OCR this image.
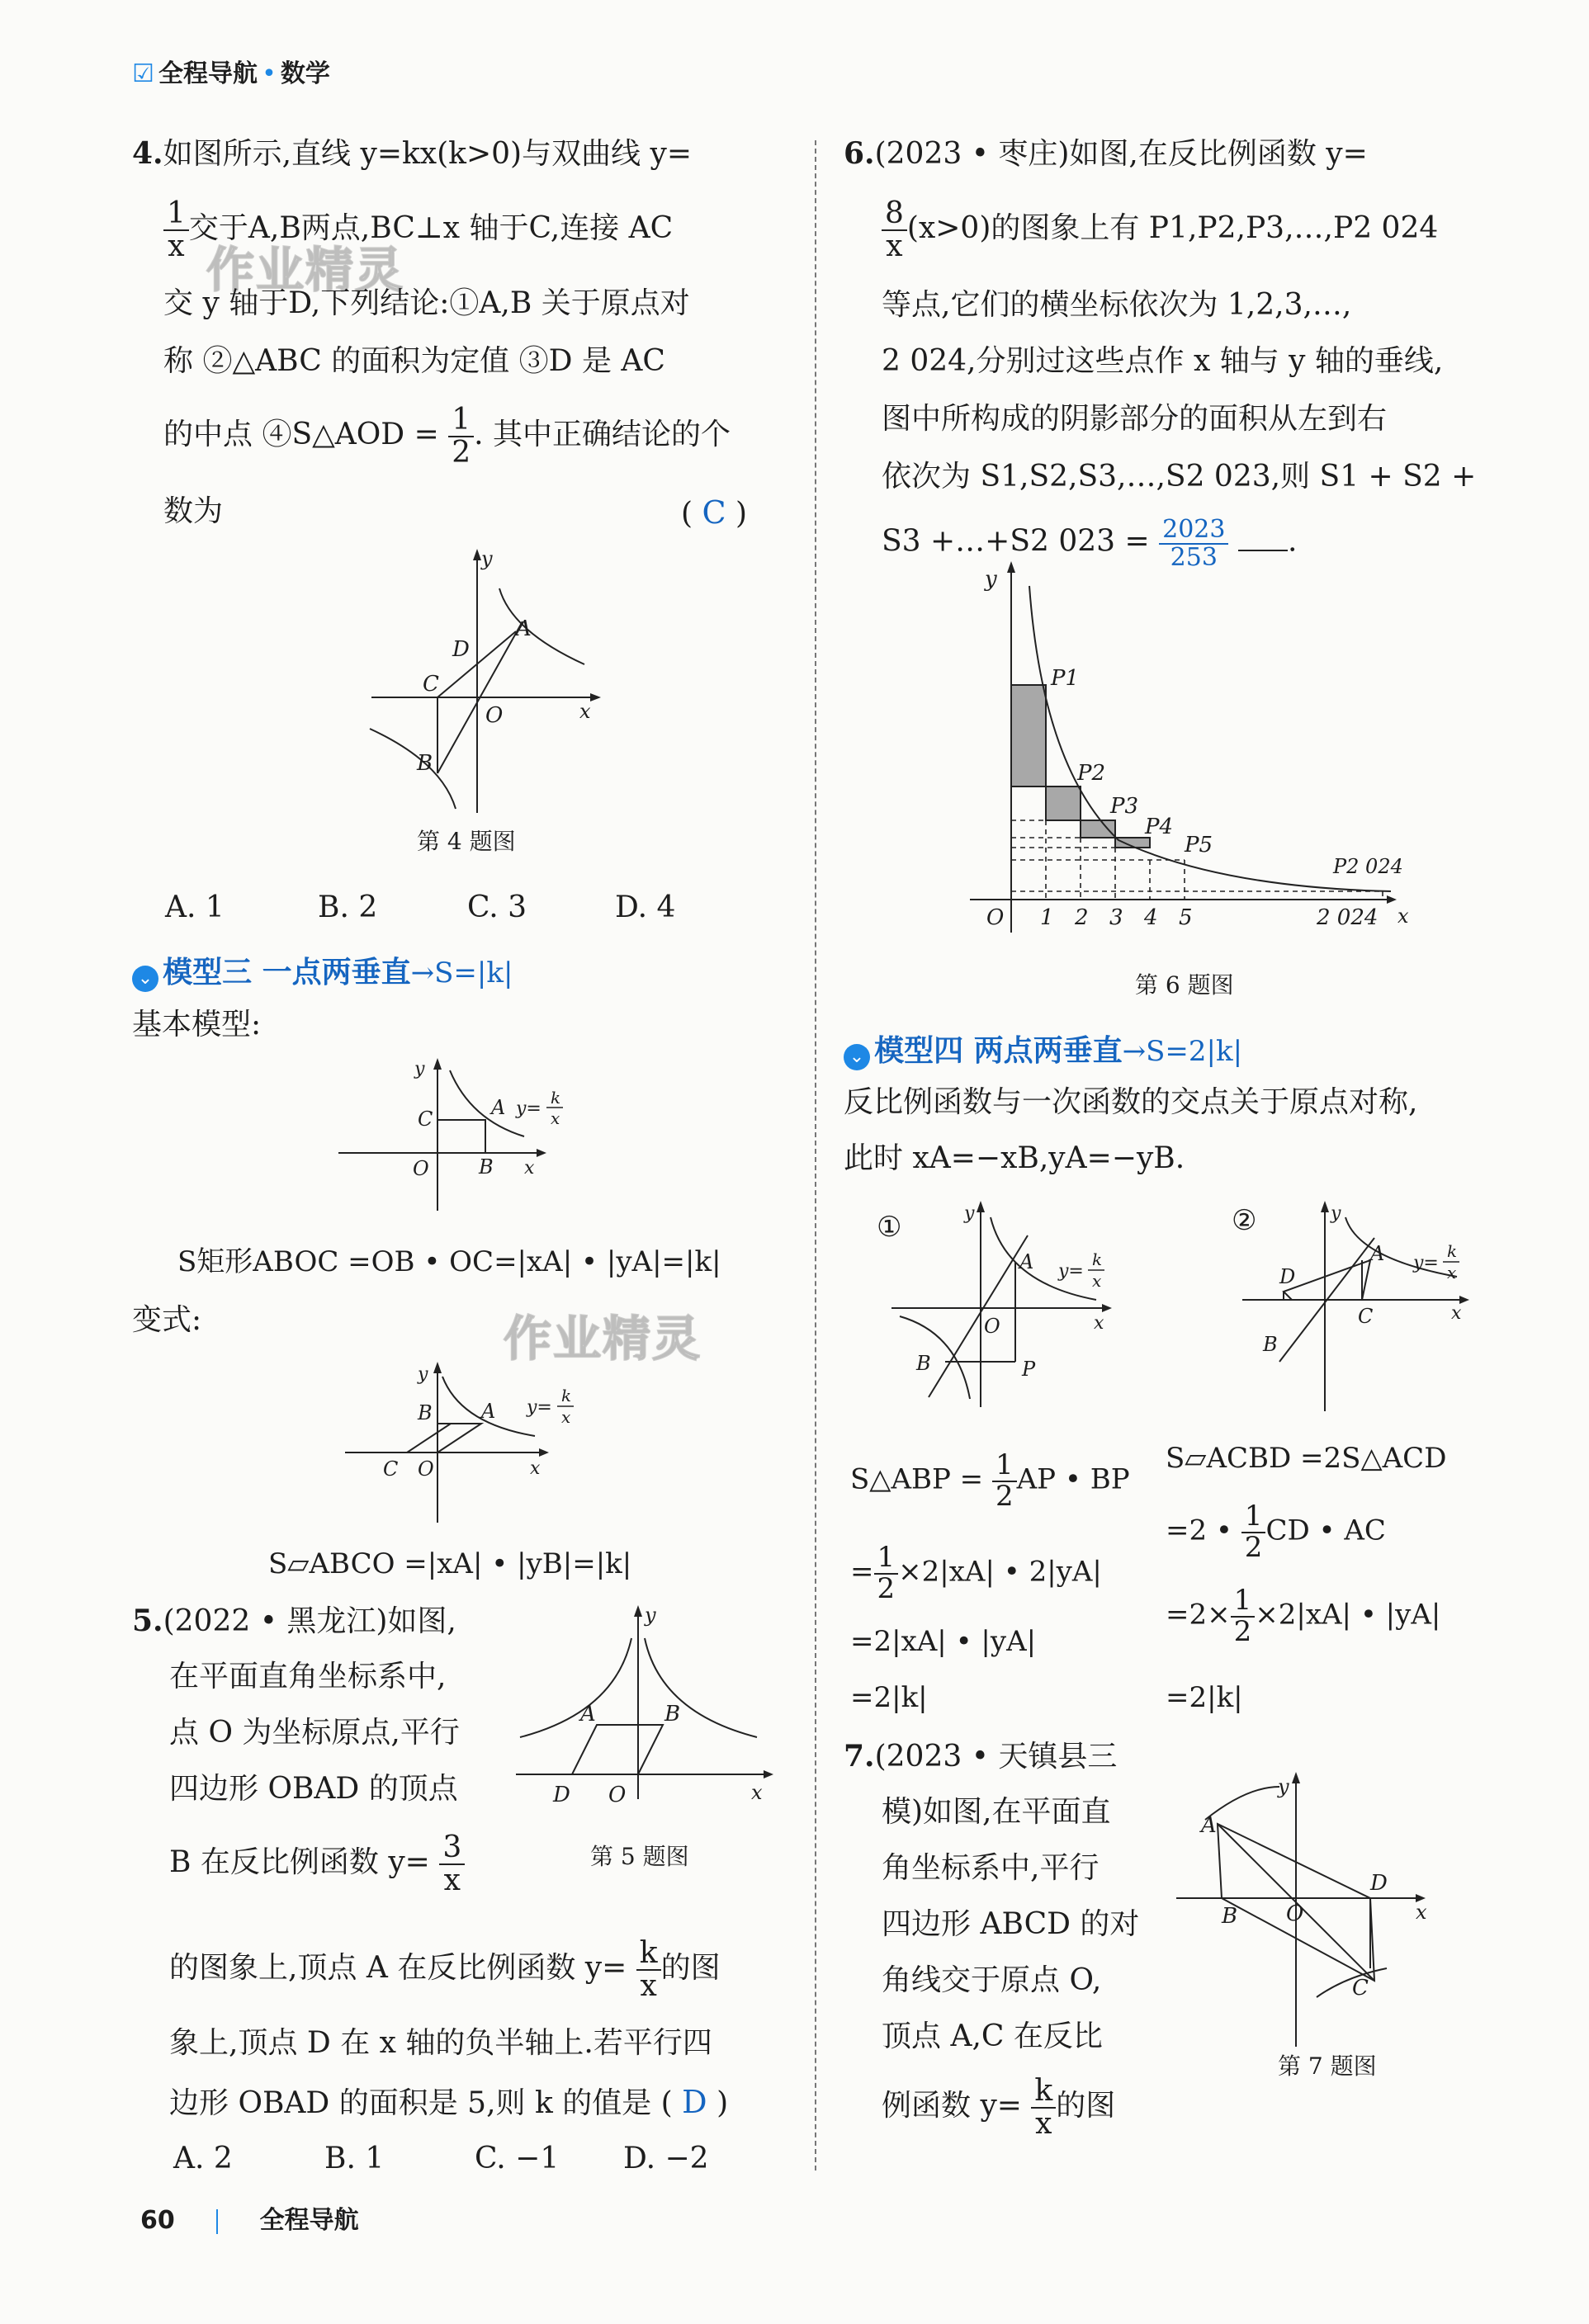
☑ 全程导航 • 数学
作业精灵
作业精灵
4.如图所示,直线 y=kx(k>0)与双曲线 y=
$\frac{1}{x}$ 交于A,B两点,BC⊥x 轴于C,连接 AC
交 y 轴于D,下列结论:①A,B 关于原点对
称 ②△ABC 的面积为定值 ③D 是 AC
的中点 ④S△AOD = $\frac{1}{2}$ . 其中正确结论的个
数为	( C )
y
x
O
A
B
C
D
第 4 题图
A. 1	B. 2	C. 3	D. 4
⌄ 模型三 一点两垂直→S=|k|
基本模型:
y
C	A y=
k
x
O	B x
S矩形ABOC =OB • OC=|xA| • |yA|=|k|
变式:
y
B A y=
k
x
C O	x
S▱ABCO =|xA| • |yB|=|k|
5.(2022 • 黑龙江)如图,
在平面直角坐标系中,
点 O 为坐标原点,平行
四边形 OBAD 的顶点
B 在反比例函数 $y= \frac{3}{x}$
y
A	B
D O	x
第 5 题图
的图象上,顶点 A 在反比例函数 $y= \frac{k}{x}$ 的图
象上,顶点 D 在 x 轴的负半轴上.若平行四
边形 OBAD 的面积是 5,则 k 的值是 ( D )
A. 2	B. 1	C. −1 D. −2
6.(2023 • 枣庄)如图,在反比例函数 y=
$\frac{8}{x} (x>0)$的图象上有 P1,P2,P3,…,P2 024
等点,它们的横坐标依次为 1,2,3,…,
2 024,分别过这些点作 x 轴与 y 轴的垂线,
图中所构成的阴影部分的面积从左到右
依次为 S1,S2,S3,…,S2 023,则 S1 + S2 +
S3 +…+S2 $023 = \frac{2023}{253}$ .
y
P1
P2
P3
P4
P5
P2 024
O 1 2 3 4 5	2 024 x
第 6 题图
⌄ 模型四 两点两垂直→S=2|k|
反比例函数与一次函数的交点关于原点对称,
此时 xA=−xB,yA=−yB.
①	y
A y=
k
x
O	x
B	P
②	y
A y=
k
x
D
C	x
B
S△ABP = $\frac{1}{2}$ AP • BP
= $\frac{1}{2} \times 2|xA|$ • 2|yA|
=2|xA| • |yA|
=2|k|
S▱ACBD =2S△ACD
=2 • $\frac{1}{2}$ CD • AC
$=2\times \frac{1}{2} \times 2|xA|$ • |yA|
=2|k|
7.(2023 • 天镇县三
模)如图,在平面直
角坐标系中,平行
四边形 ABCD 的对
角线交于原点 O,
顶点 A,C 在反比
例函数 $y= \frac{k}{x}$ 的图
y
A
D
x
B O
C
第 7 题图
60	全程导航
